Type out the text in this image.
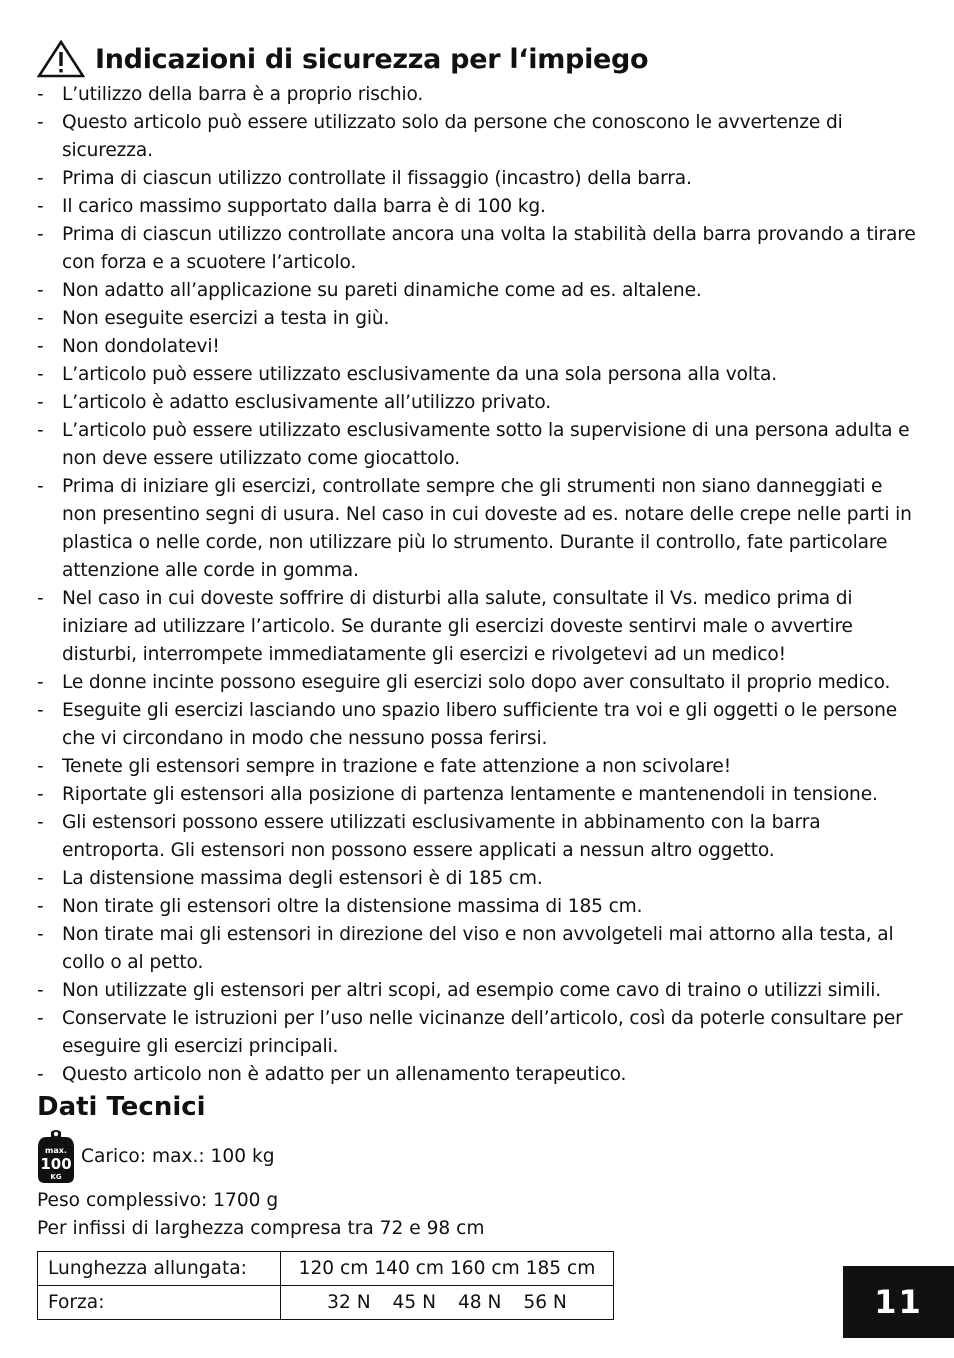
Indicazioni di sicurezza per l‘impiego
- L’utilizzo della barra è a proprio rischio.
- Questo articolo può essere utilizzato solo da persone che conoscono le avvertenze di sicurezza.
- Prima di ciascun utilizzo controllate il fissaggio (incastro) della barra.
- Il carico massimo supportato dalla barra è di 100 kg.
- Prima di ciascun utilizzo controllate ancora una volta la stabilità della barra provando a tirare con forza e a scuotere l’articolo.
- Non adatto all’applicazione su pareti dinamiche come ad es. altalene.
- Non eseguite esercizi a testa in giù.
- Non dondolatevi!
- L’articolo può essere utilizzato esclusivamente da una sola persona alla volta.
- L’articolo è adatto esclusivamente all’utilizzo privato.
- L’articolo può essere utilizzato esclusivamente sotto la supervisione di una persona adulta e non deve essere utilizzato come giocattolo.
- Prima di iniziare gli esercizi, controllate sempre che gli strumenti non siano danneggiati e non presentino segni di usura. Nel caso in cui doveste ad es. notare delle crepe nelle parti in plastica o nelle corde, non utilizzare più lo strumento. Durante il controllo, fate particolare attenzione alle corde in gomma.
- Nel caso in cui doveste soffrire di disturbi alla salute, consultate il Vs. medico prima di iniziare ad utilizzare l’articolo. Se durante gli esercizi doveste sentirvi male o avvertire disturbi, interrompete immediatamente gli esercizi e rivolgetevi ad un medico!
- Le donne incinte possono eseguire gli esercizi solo dopo aver consultato il proprio medico.
- Eseguite gli esercizi lasciando uno spazio libero sufficiente tra voi e gli oggetti o le persone che vi circondano in modo che nessuno possa ferirsi.
- Tenete gli estensori sempre in trazione e fate attenzione a non scivolare!
- Riportate gli estensori alla posizione di partenza lentamente e mantenendoli in tensione.
- Gli estensori possono essere utilizzati esclusivamente in abbinamento con la barra entroporta. Gli estensori non possono essere applicati a nessun altro oggetto.
- La distensione massima degli estensori è di 185 cm.
- Non tirate gli estensori oltre la distensione massima di 185 cm.
- Non tirate mai gli estensori in direzione del viso e non avvolgeteli mai attorno alla testa, al collo o al petto.
- Non utilizzate gli estensori per altri scopi, ad esempio come cavo di traino o utilizzi simili.
- Conservate le istruzioni per l’uso nelle vicinanze dell’articolo, così da poterle consultare per eseguire gli esercizi principali.
- Questo articolo non è adatto per un allenamento terapeutico.
Dati Tecnici
max.
100
KG
Carico: max.: 100 kg
Peso complessivo: 1700 g
Per infissi di larghezza compresa tra 72 e 98 cm
Lunghezza allungata:	120 cm 140 cm 160 cm 185 cm
Forza:	32 N 45 N 48 N 56 N	11
